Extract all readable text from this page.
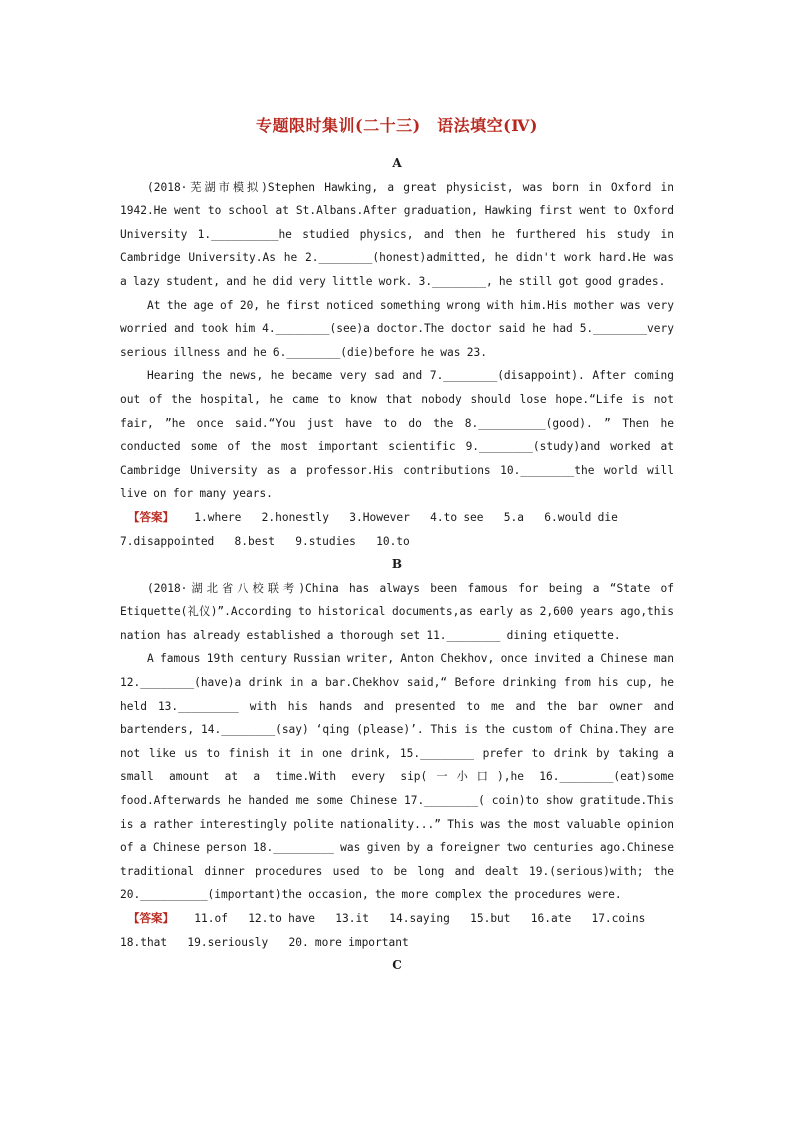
专题限时集训(二十三)　语法填空(Ⅳ)
A

(2018·芜湖市模拟)Stephen Hawking, a great physicist, was born in Oxford in 1942.He went to school at St.Albans.After graduation, Hawking first went to Oxford University 1.__________he studied physics, and then he furthered his study in Cambridge University.As he 2.________(honest)admitted, he didn't work hard.He was a lazy student, and he did very little work. 3.________, he still got good grades.

At the age of 20, he first noticed something wrong with him.His mother was very worried and took him 4.________(see)a doctor.The doctor said he had 5.________very serious illness and he 6.________(die)before he was 23.

Hearing the news, he became very sad and 7.________(disappoint). After coming out of the hospital, he came to know that nobody should lose hope.“Life is not fair, ”he once said.“You just have to do the 8.__________(good). ” Then he conducted some of the most important scientific 9.________(study)and worked at Cambridge University as a professor.His contributions 10.________the world will live on for many years.

【答案】 1.where 2.honestly 3.However 4.to see 5.a 6.would die
7.disappointed 8.best 9.studies 10.to
B

(2018·湖北省八校联考)China has always been famous for being a “State of Etiquette(礼仪)”.According to historical documents,as early as 2,600 years ago,this nation has already established a thorough set 11.________ dining etiquette.

A famous 19th century Russian writer, Anton Chekhov, once invited a Chinese man 12.________(have)a drink in a bar.Chekhov said,“ Before drinking from his cup, he held 13._________ with his hands and presented to me and the bar owner and bartenders, 14.________(say) ‘qing (please)’. This is the custom of China.They are not like us to finish it in one drink, 15.________ prefer to drink by taking a small amount at a time.With every sip(一小口),he 16.________(eat)some food.Afterwards he handed me some Chinese 17.________( coin)to show gratitude.This is a rather interestingly polite nationality...” This was the most valuable opinion of a Chinese person 18._________ was given by a foreigner two centuries ago.Chinese traditional dinner procedures used to be long and dealt 19.(serious)with; the 20.__________(important)the occasion, the more complex the procedures were.

【答案】 11.of 12.to have 13.it 14.saying 15.but 16.ate 17.coins
18.that 19.seriously 20. more important
C
